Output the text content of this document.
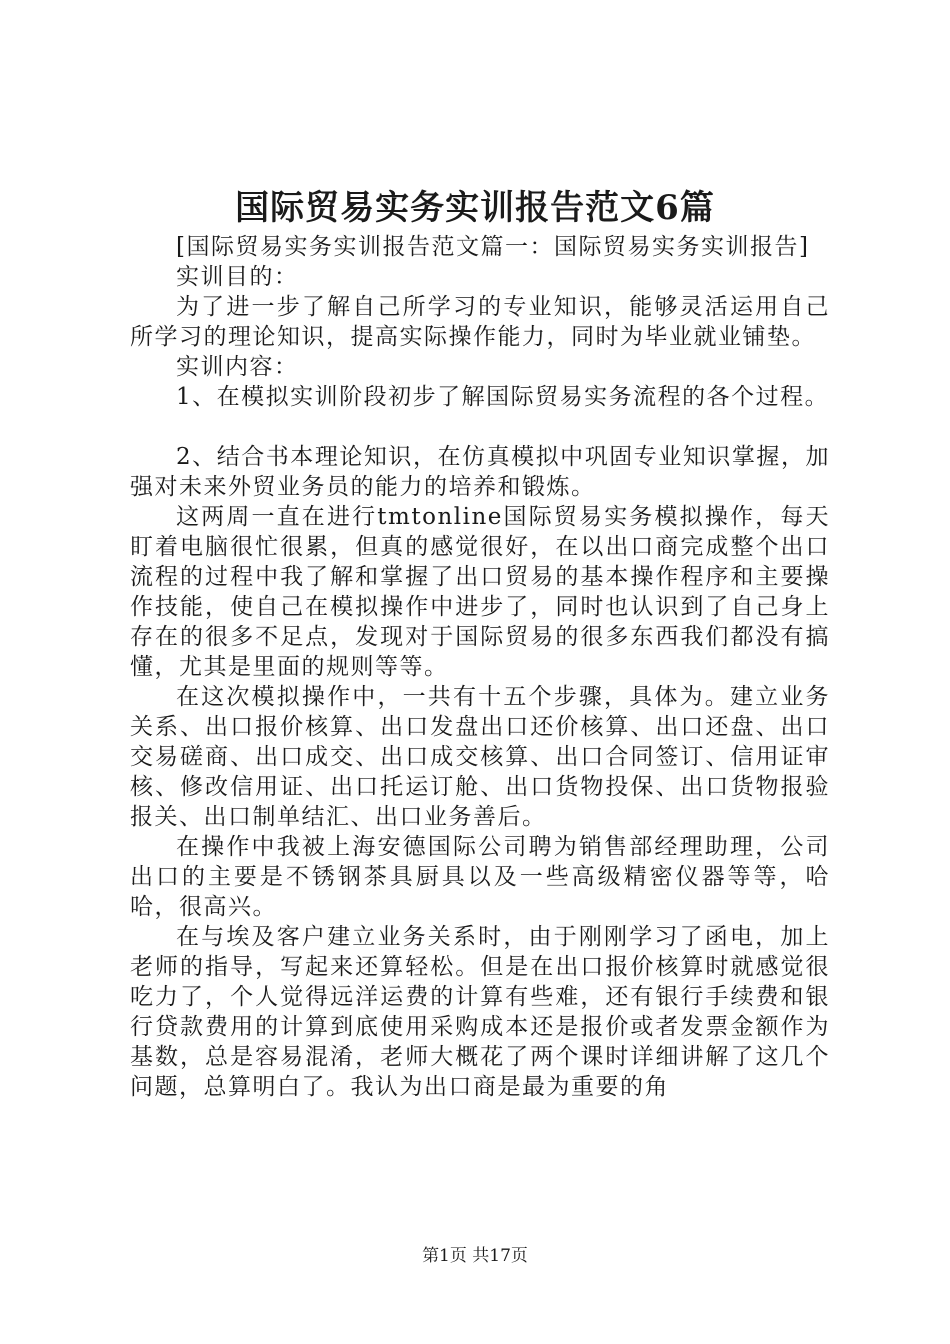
国际贸易实务实训报告范文6篇

[国际贸易实务实训报告范文篇一：国际贸易实务实训报告]

实训目的：

为了进一步了解自己所学习的专业知识，能够灵活运用自己所学习的理论知识，提高实际操作能力，同时为毕业就业铺垫。

实训内容：

1、在模拟实训阶段初步了解国际贸易实务流程的各个过程。

2、结合书本理论知识，在仿真模拟中巩固专业知识掌握，加强对未来外贸业务员的能力的培养和锻炼。

这两周一直在进行tmtonline国际贸易实务模拟操作，每天盯着电脑很忙很累，但真的感觉很好，在以出口商完成整个出口流程的过程中我了解和掌握了出口贸易的基本操作程序和主要操作技能，使自己在模拟操作中进步了，同时也认识到了自己身上存在的很多不足点，发现对于国际贸易的很多东西我们都没有搞懂，尤其是里面的规则等等。

在这次模拟操作中，一共有十五个步骤，具体为。建立业务关系、出口报价核算、出口发盘出口还价核算、出口还盘、出口交易磋商、出口成交、出口成交核算、出口合同签订、信用证审核、修改信用证、出口托运订舱、出口货物投保、出口货物报验报关、出口制单结汇、出口业务善后。

在操作中我被上海安德国际公司聘为销售部经理助理，公司出口的主要是不锈钢茶具厨具以及一些高级精密仪器等等，哈哈，很高兴。

在与埃及客户建立业务关系时，由于刚刚学习了函电，加上老师的指导，写起来还算轻松。但是在出口报价核算时就感觉很吃力了，个人觉得远洋运费的计算有些难，还有银行手续费和银行贷款费用的计算到底使用采购成本还是报价或者发票金额作为基数，总是容易混淆，老师大概花了两个课时详细讲解了这几个问题，总算明白了。我认为出口商是最为重要的角

第1页 共17页
